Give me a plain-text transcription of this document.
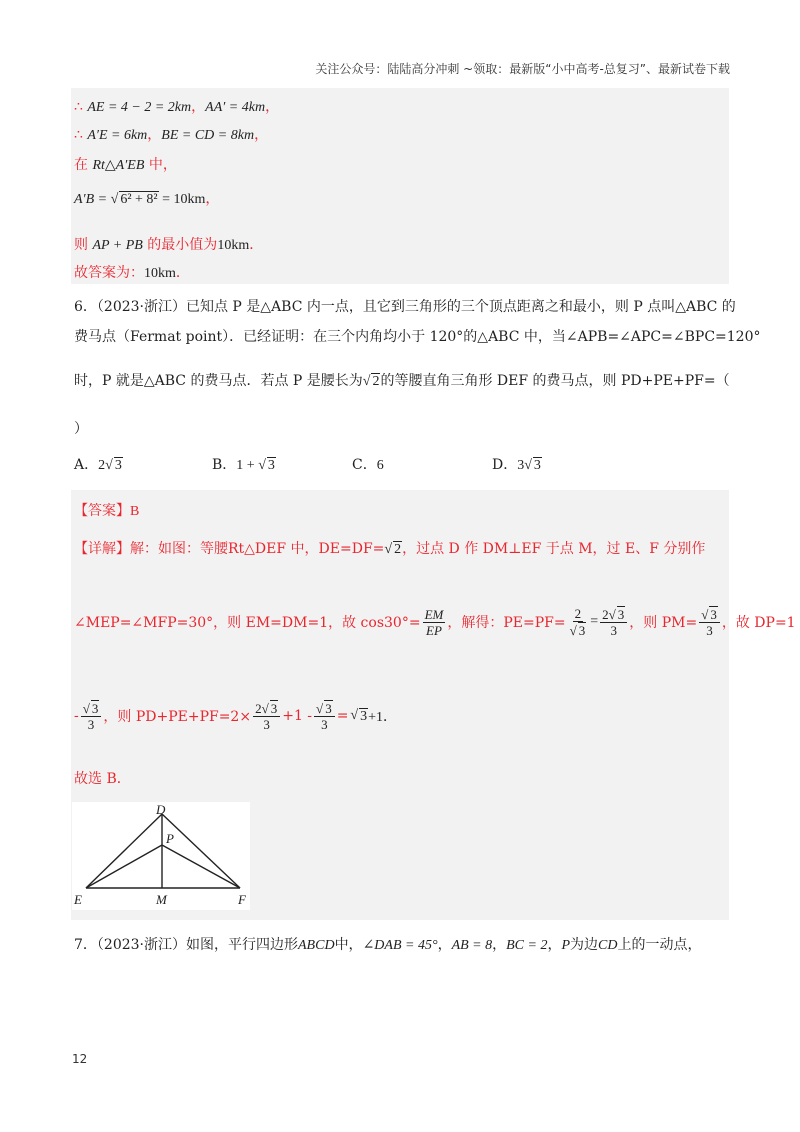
关注公众号：陆陆高分冲刺 ~领取：最新版“小中高考-总复习”、最新试卷下载
∴ AE = 4 − 2 = 2km，AA′ = 4km，
∴ A′E = 6km，BE = CD = 8km，
在 Rt△A′EB 中，
A′B = √ 6² + 8² = 10km，
则 AP + PB 的最小值为10km．
故答案为：10km．
6．（2023·浙江）已知点 P 是△ABC 内一点，且它到三角形的三个顶点距离之和最小，则 P 点叫△ABC 的
费马点（Fermat point）．已经证明：在三个内角均小于 120°的△ABC 中，当∠APB=∠APC=∠BPC=120°
时，P 就是△ABC 的费马点．若点 P 是腰长为√ 2的等腰直角三角形 DEF 的费马点，则 PD+PE+PF=（
）
A．2√ 3	B．1 + √ 3	C．6	D．3√ 3
【答案】B
【详解】解：如图：等腰Rt△DEF 中，DE=DF=√ 2，过点 D 作 DM⊥EF 于点 M，过 E、F 分别作
∠MEP=∠MFP=30°，则 EM=DM=1，故 $\cos 30^\circ= \frac{EM}{EP}$ ，解得：$PE=PF= \frac{2}{√ 3} = \frac{2√ 3}{3}$ ，则 $PM= \frac{√ 3}{3}$ ，故 DP=1
- $\frac{√ 3}{3}$ ，则 $PD+PE+PF=2\times \frac{2√ 3}{3} +1 - \frac{√ 3}{3}$ = √ 3 +1．
故选 B．
D
P
E	M	F
7．（2023·浙江）如图，平行四边形ABCD中，∠DAB = 45°，AB = 8，BC = 2，P为边CD上的一动点，
12
